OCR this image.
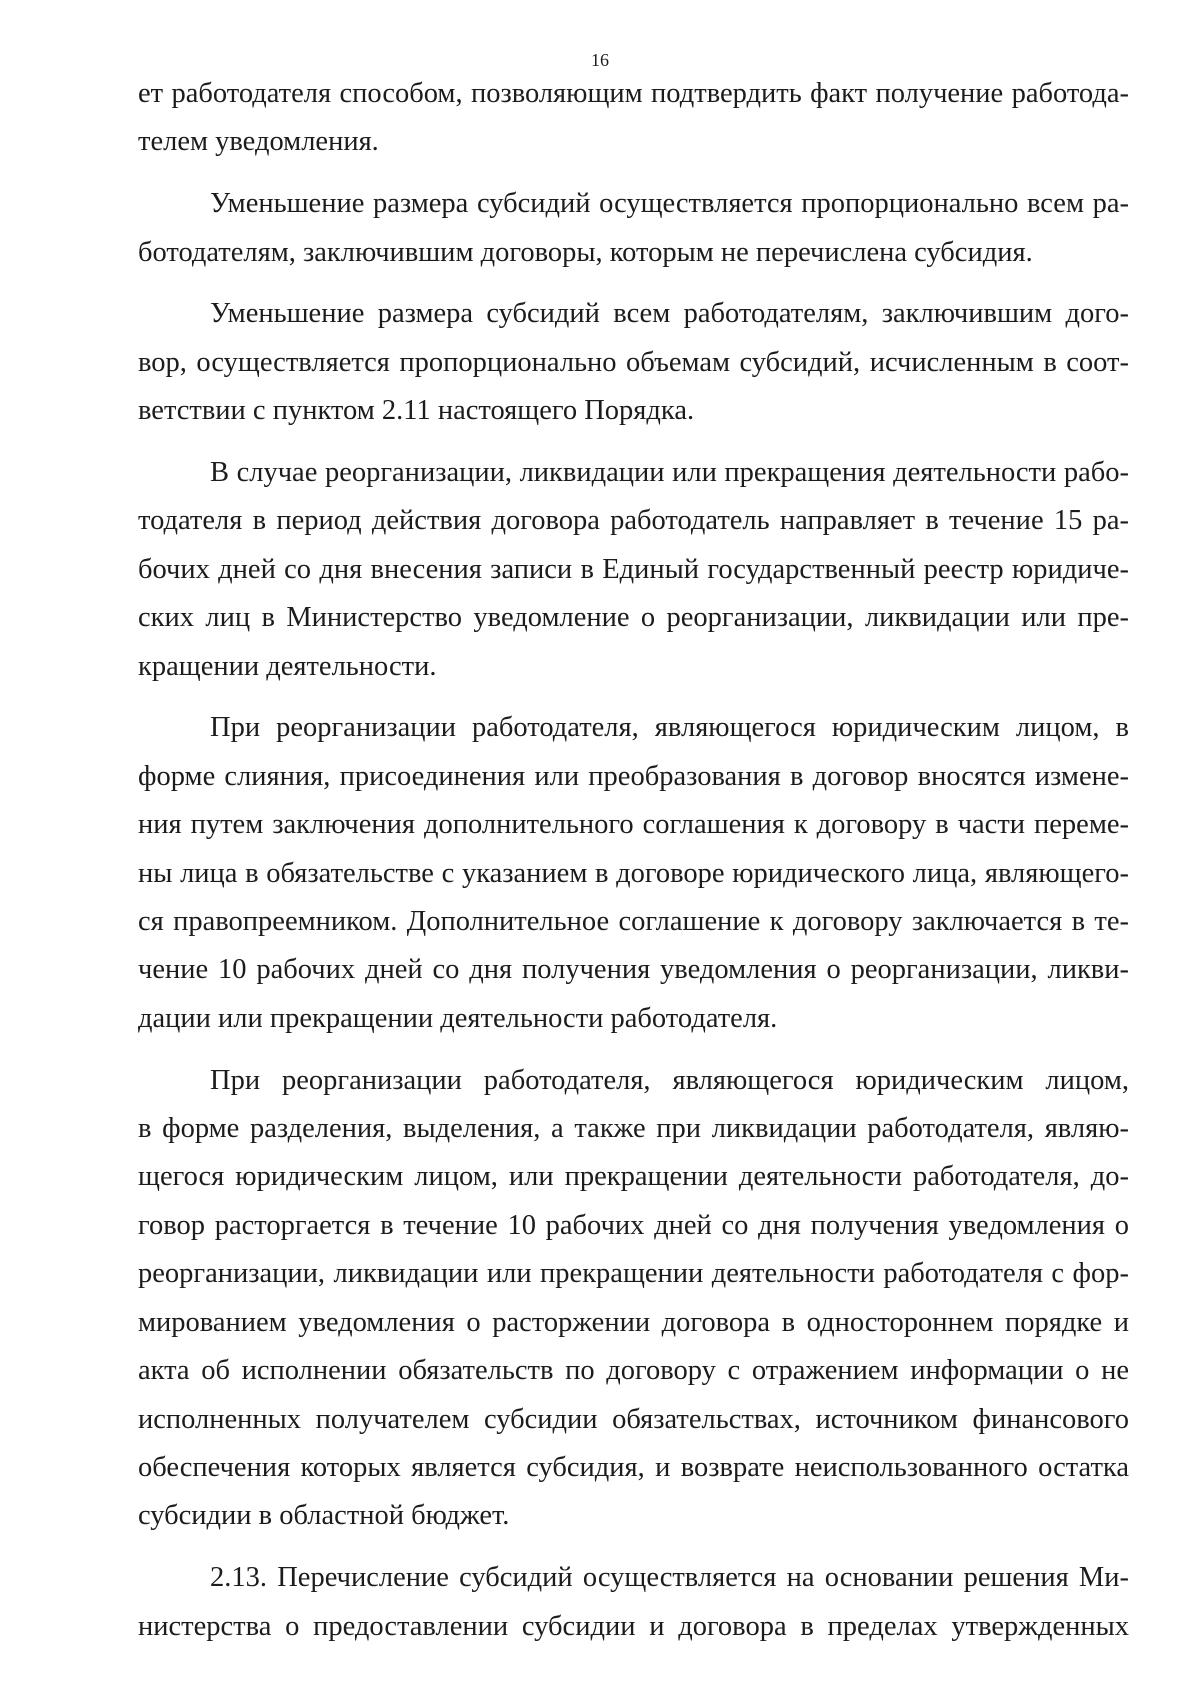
16
ет работодателя способом, позволяющим подтвердить факт получение работода-
телем уведомления.
Уменьшение размера субсидий осуществляется пропорционально всем ра-
ботодателям, заключившим договоры, которым не перечислена субсидия.
Уменьшение размера субсидий всем работодателям, заключившим дого-
вор, осуществляется пропорционально объемам субсидий, исчисленным в соот-
ветствии с пунктом 2.11 настоящего Порядка.
В случае реорганизации, ликвидации или прекращения деятельности рабо-
тодателя в период действия договора работодатель направляет в течение 15 ра-
бочих дней со дня внесения записи в Единый государственный реестр юридиче-
ских лиц в Министерство уведомление о реорганизации, ликвидации или пре-
кращении деятельности.
При реорганизации работодателя, являющегося юридическим лицом, в
форме слияния, присоединения или преобразования в договор вносятся измене-
ния путем заключения дополнительного соглашения к договору в части переме-
ны лица в обязательстве с указанием в договоре юридического лица, являющего-
ся правопреемником. Дополнительное соглашение к договору заключается в те-
чение 10 рабочих дней со дня получения уведомления о реорганизации, ликви-
дации или прекращении деятельности работодателя.
При реорганизации работодателя, являющегося юридическим лицом,
в форме разделения, выделения, а также при ликвидации работодателя, являю-
щегося юридическим лицом, или прекращении деятельности работодателя, до-
говор расторгается в течение 10 рабочих дней со дня получения уведомления о
реорганизации, ликвидации или прекращении деятельности работодателя с фор-
мированием уведомления о расторжении договора в одностороннем порядке и
акта об исполнении обязательств по договору с отражением информации о не
исполненных получателем субсидии обязательствах, источником финансового
обеспечения которых является субсидия, и возврате неиспользованного остатка
субсидии в областной бюджет.
2.13. Перечисление субсидий осуществляется на основании решения Ми-
нистерства о предоставлении субсидии и договора в пределах утвержденных
